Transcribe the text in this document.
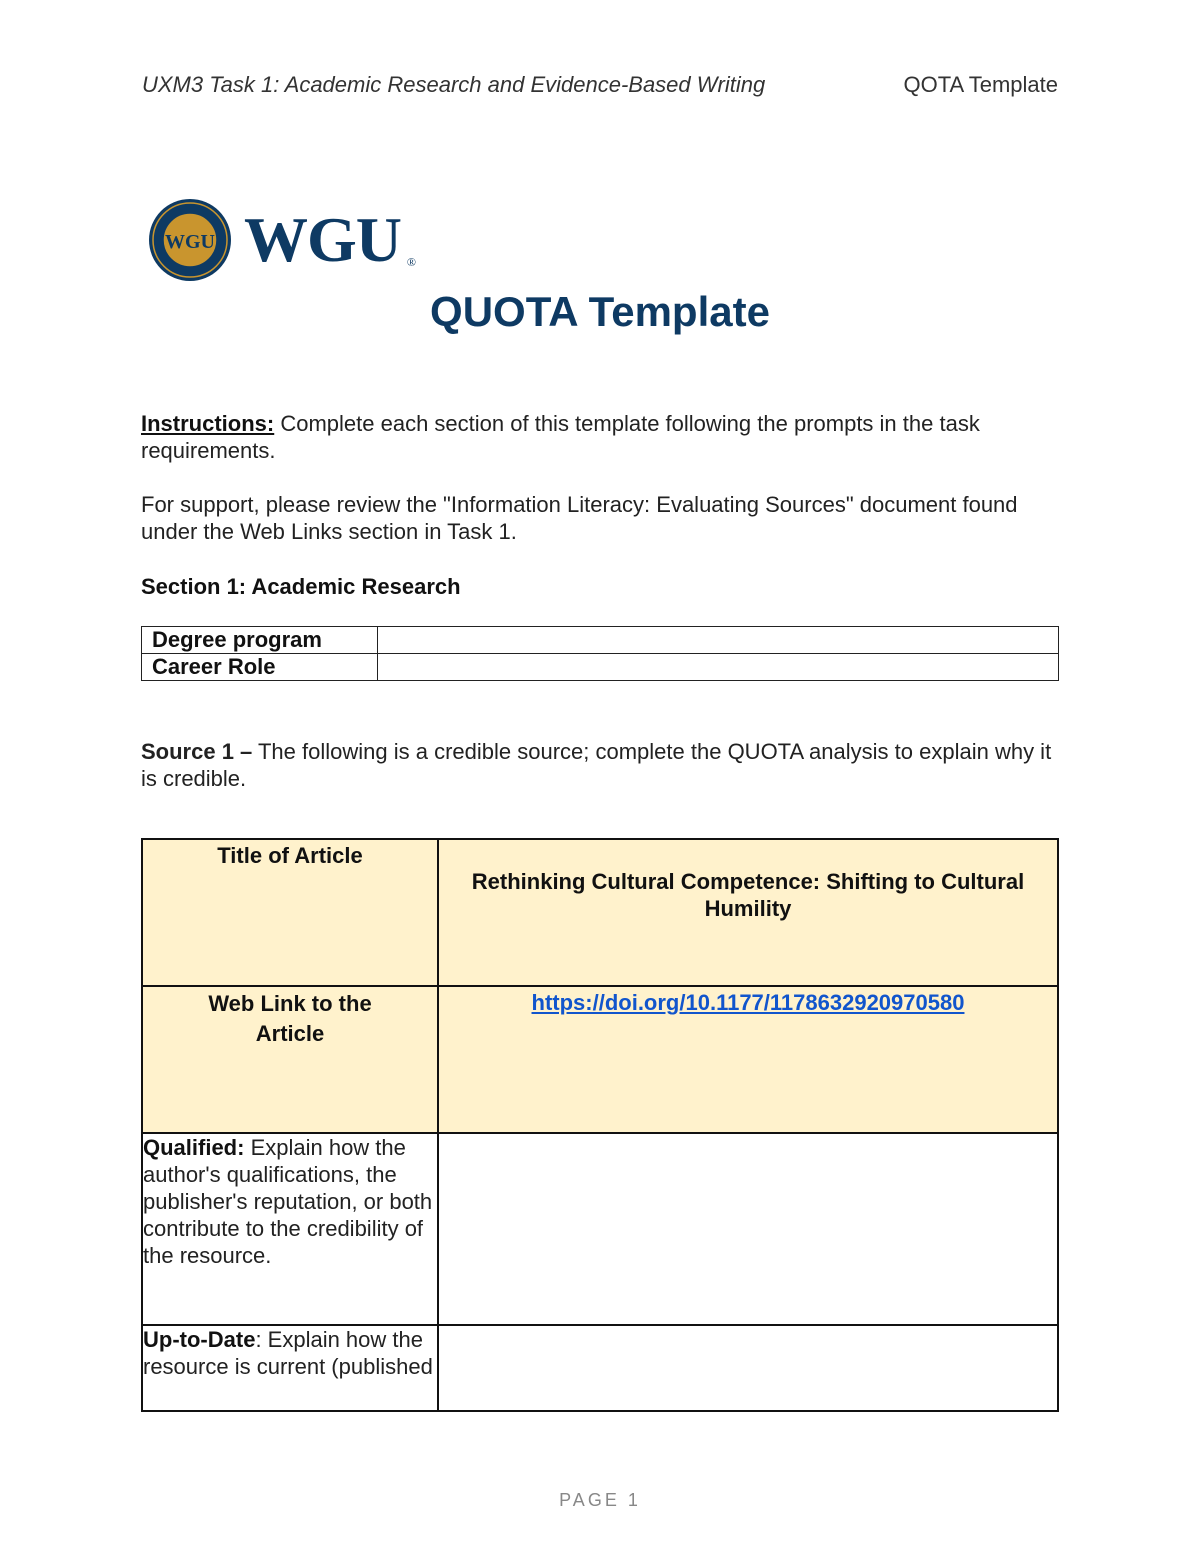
UXM3 Task 1: Academic Research and Evidence-Based Writing	QOTA Template
WGU WGU ®
QUOTA Template
Instructions: Complete each section of this template following the prompts in the task requirements.
For support, please review the "Information Literacy: Evaluating Sources" document found under the Web Links section in Task 1.
Section 1: Academic Research
Degree program	
Career Role	
Source 1 – The following is a credible source; complete the QUOTA analysis to explain why it is credible.
Title of Article	Rethinking Cultural Competence: Shifting to Cultural Humility
Web Link to the Article	https://doi.org/10.1177/1178632920970580
Qualified: Explain how the author's qualifications, the publisher's reputation, or both contribute to the credibility of the resource.	
Up-to-Date: Explain how the resource is current (published	
PAGE 1
